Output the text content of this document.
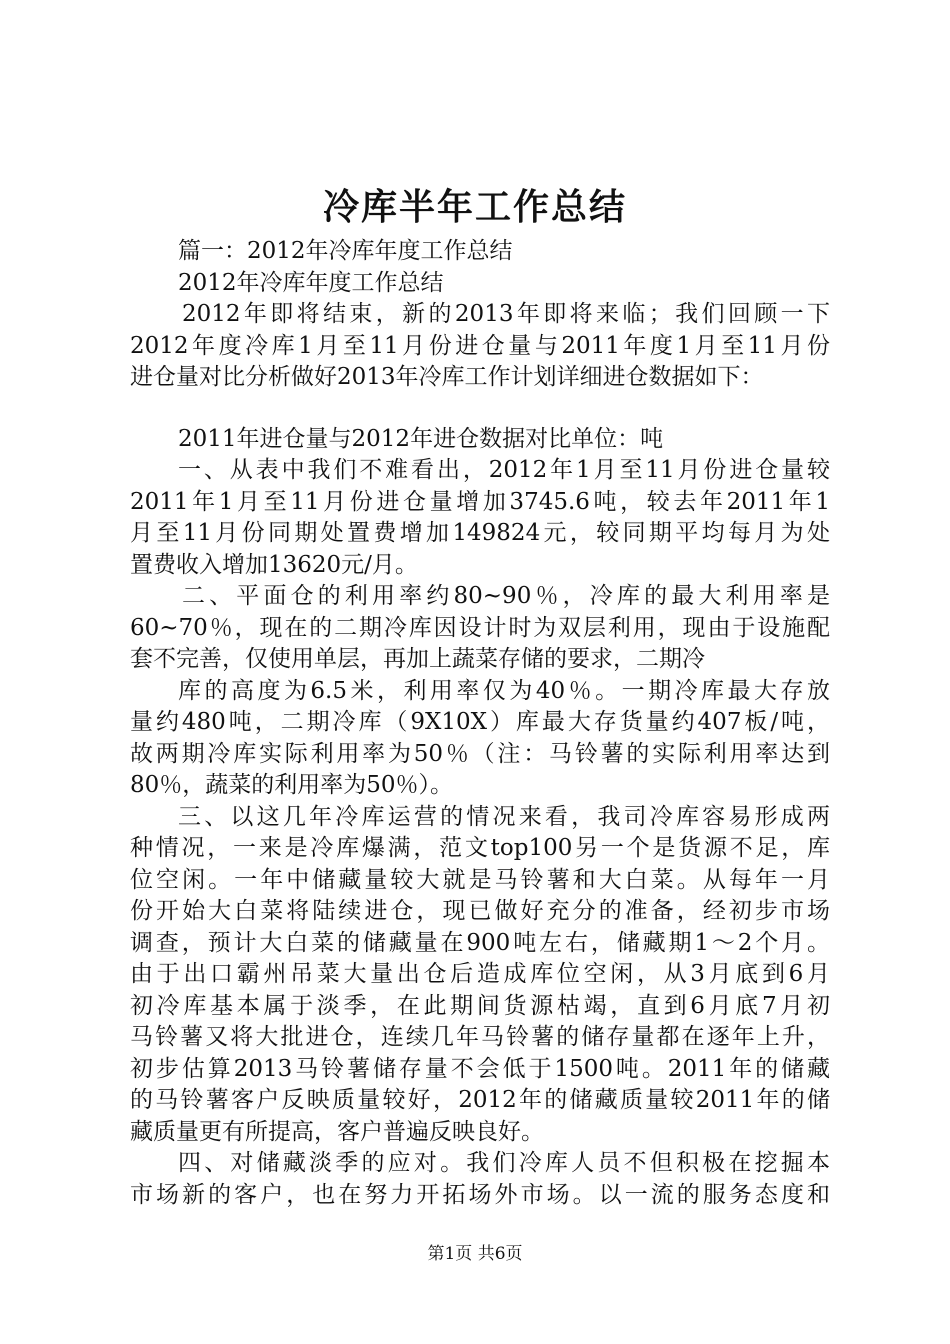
冷库半年工作总结
篇一：2012年冷库年度工作总结
2012年冷库年度工作总结
2012年即将结束，新的2013年即将来临；我们回顾一下
2012年度冷库1月至11月份进仓量与2011年度1月至11月份
进仓量对比分析做好2013年冷库工作计划详细进仓数据如下：
2011年进仓量与2012年进仓数据对比单位：吨
一、从表中我们不难看出，2012年1月至11月份进仓量较
2011年1月至11月份进仓量增加3745.6吨，较去年2011年1
月至11月份同期处置费增加149824元，较同期平均每月为处
置费收入增加13620元/月。
二、平面仓的利用率约80~90％，冷库的最大利用率是
60~70％，现在的二期冷库因设计时为双层利用，现由于设施配
套不完善，仅使用单层，再加上蔬菜存储的要求，二期冷
库的高度为6.5米，利用率仅为40％。一期冷库最大存放
量约480吨，二期冷库（9X10X）库最大存货量约407板/吨，
故两期冷库实际利用率为50％（注：马铃薯的实际利用率达到
80％，蔬菜的利用率为50％）。
三、以这几年冷库运营的情况来看，我司冷库容易形成两
种情况，一来是冷库爆满，范文top100另一个是货源不足，库
位空闲。一年中储藏量较大就是马铃薯和大白菜。从每年一月
份开始大白菜将陆续进仓，现已做好充分的准备，经初步市场
调查，预计大白菜的储藏量在900吨左右，储藏期1～2个月。
由于出口霸州吊菜大量出仓后造成库位空闲，从3月底到6月
初冷库基本属于淡季，在此期间货源枯竭，直到6月底7月初
马铃薯又将大批进仓，连续几年马铃薯的储存量都在逐年上升，
初步估算2013马铃薯储存量不会低于1500吨。2011年的储藏
的马铃薯客户反映质量较好，2012年的储藏质量较2011年的储
藏质量更有所提高，客户普遍反映良好。
四、对储藏淡季的应对。我们冷库人员不但积极在挖掘本
市场新的客户，也在努力开拓场外市场。以一流的服务态度和
第1页 共6页
